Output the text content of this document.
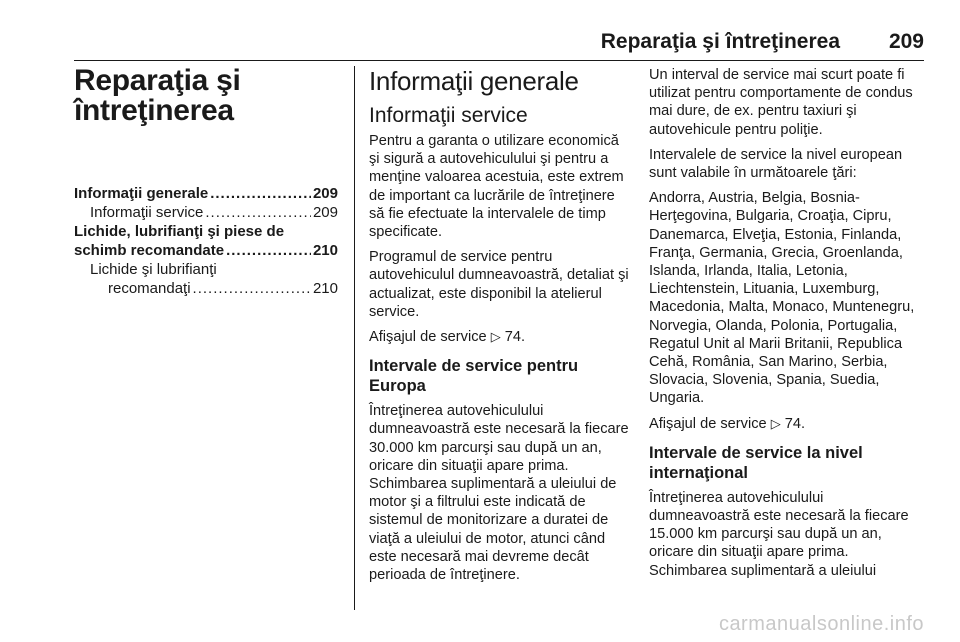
Reparaţia şi întreţinerea 209
Reparaţia şi întreţinerea
Informaţii generale .....	209
Informaţii service .....	209
Lichide, lubrifianţi şi piese de
schimb recomandate .....	210
Lichide şi lubrifianţi
recomandaţi .....	210
Informaţii generale
Informaţii service

Pentru a garanta o utilizare economică şi sigură a autovehiculului şi pentru a menţine valoarea acestuia, este extrem de important ca lucrările de întreţinere să fie efectuate la intervalele de timp specificate.

Programul de service pentru autovehiculul dumneavoastră, detaliat şi actualizat, este disponibil la atelierul service.

Afişajul de service ▷ 74.

Intervale de service pentru Europa

Întreţinerea autovehiculului dumneavoastră este necesară la fiecare 30.000 km parcurşi sau după un an, oricare din situaţii apare prima. Schimbarea suplimentară a uleiului de motor şi a filtrului este indicată de sistemul de monitorizare a duratei de viaţă a uleiului de motor, atunci când este necesară mai devreme decât perioada de întreţinere.

Un interval de service mai scurt poate fi utilizat pentru comportamente de condus mai dure, de ex. pentru taxiuri şi autovehicule pentru poliţie.

Intervalele de service la nivel european sunt valabile în următoarele ţări:

Andorra, Austria, Belgia, Bosnia-Herţegovina, Bulgaria, Croaţia, Cipru, Danemarca, Elveţia, Estonia, Finlanda, Franţa, Germania, Grecia, Groenlanda, Islanda, Irlanda, Italia, Letonia, Liechtenstein, Lituania, Luxemburg, Macedonia, Malta, Monaco, Muntenegru, Norvegia, Olanda, Polonia, Portugalia, Regatul Unit al Marii Britanii, Republica Cehă, România, San Marino, Serbia, Slovacia, Slovenia, Spania, Suedia, Ungaria.

Afişajul de service ▷ 74.

Intervale de service la nivel internaţional

Întreţinerea autovehiculului dumneavoastră este necesară la fiecare 15.000 km parcurşi sau după un an, oricare din situaţii apare prima. Schimbarea suplimentară a uleiului

carmanualsonline.info
